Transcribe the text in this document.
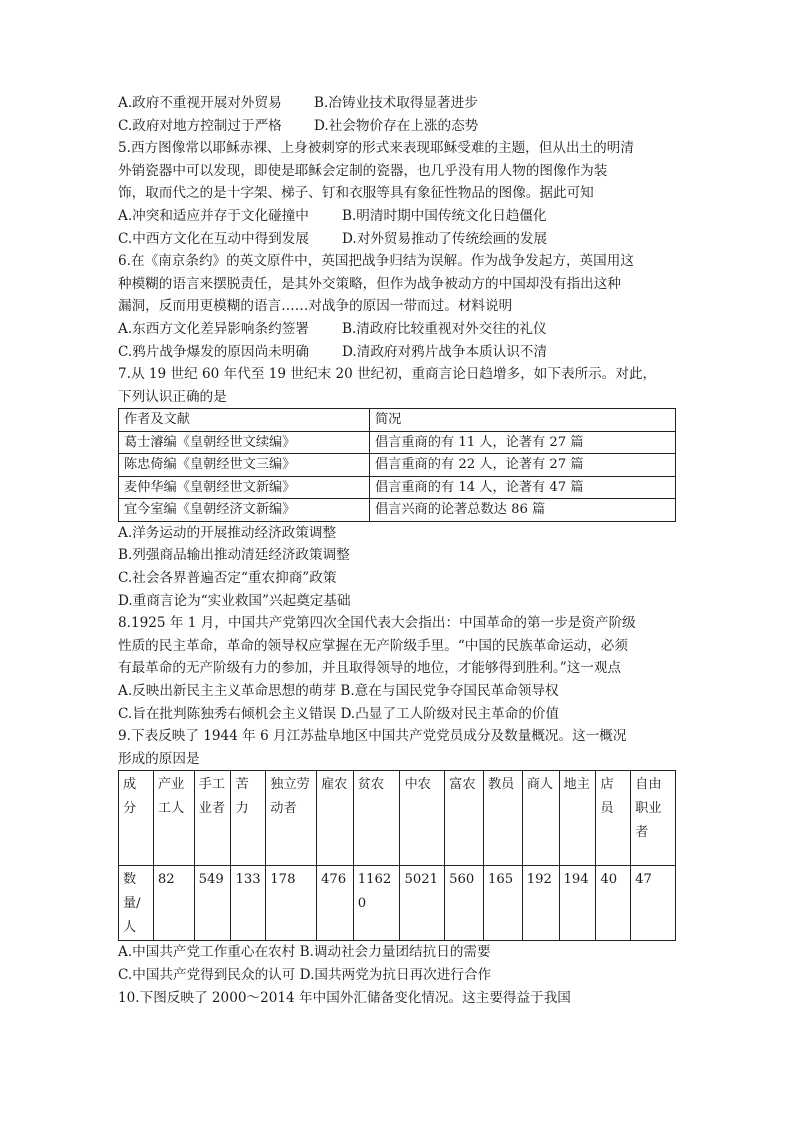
A.政府不重视开展对外贸易	B.冶铸业技术取得显著进步
C.政府对地方控制过于严格	D.社会物价存在上涨的态势
5.西方图像常以耶稣赤裸、上身被刺穿的形式来表现耶稣受难的主题，但从出土的明清
外销瓷器中可以发现，即使是耶稣会定制的瓷器，也几乎没有用人物的图像作为装
饰，取而代之的是十字架、梯子、钉和衣服等具有象征性物品的图像。据此可知
A.冲突和适应并存于文化碰撞中	B.明清时期中国传统文化日趋僵化
C.中西方文化在互动中得到发展	D.对外贸易推动了传统绘画的发展
6.在《南京条约》的英文原件中，英国把战争归结为误解。作为战争发起方，英国用这
种模糊的语言来摆脱责任，是其外交策略，但作为战争被动方的中国却没有指出这种
漏洞，反而用更模糊的语言……对战争的原因一带而过。材料说明
A.东西方文化差异影响条约签署	B.清政府比较重视对外交往的礼仪
C.鸦片战争爆发的原因尚未明确	D.清政府对鸦片战争本质认识不清
7.从 19 世纪 60 年代至 19 世纪末 20 世纪初，重商言论日趋增多，如下表所示。对此，
下列认识正确的是
作者及文献	简况
葛士濬编《皇朝经世文续编》	倡言重商的有 11 人，论著有 27 篇
陈忠倚编《皇朝经世文三编》	倡言重商的有 22 人，论著有 27 篇
麦仲华编《皇朝经世文新编》	倡言重商的有 14 人，论著有 47 篇
宜今室编《皇朝经济文新编》	倡言兴商的论著总数达 86 篇
A.洋务运动的开展推动经济政策调整
B.列强商品输出推动清廷经济政策调整
C.社会各界普遍否定“重农抑商”政策
D.重商言论为“实业救国”兴起奠定基础
8.1925 年 1 月，中国共产党第四次全国代表大会指出：中国革命的第一步是资产阶级
性质的民主革命，革命的领导权应掌握在无产阶级手里。“中国的民族革命运动，必须
有最革命的无产阶级有力的参加，并且取得领导的地位，才能够得到胜利。”这一观点
A.反映出新民主主义革命思想的萌芽 B.意在与国民党争夺国民革命领导权
C.旨在批判陈独秀右倾机会主义错误 D.凸显了工人阶级对民主革命的价值
9.下表反映了 1944 年 6 月江苏盐阜地区中国共产党党员成分及数量概况。这一概况
形成的原因是
成分	产业工人	手工业者	苦力	独立劳动者	雇农	贫农	中农	富农	教员	商人	地主	店员	自由职业者
数量/人	82	549	133	178	476	11620	5021	560	165	192	194	40	47
A.中国共产党工作重心在农村 B.调动社会力量团结抗日的需要
C.中国共产党得到民众的认可 D.国共两党为抗日再次进行合作
10.下图反映了 2000～2014 年中国外汇储备变化情况。这主要得益于我国
